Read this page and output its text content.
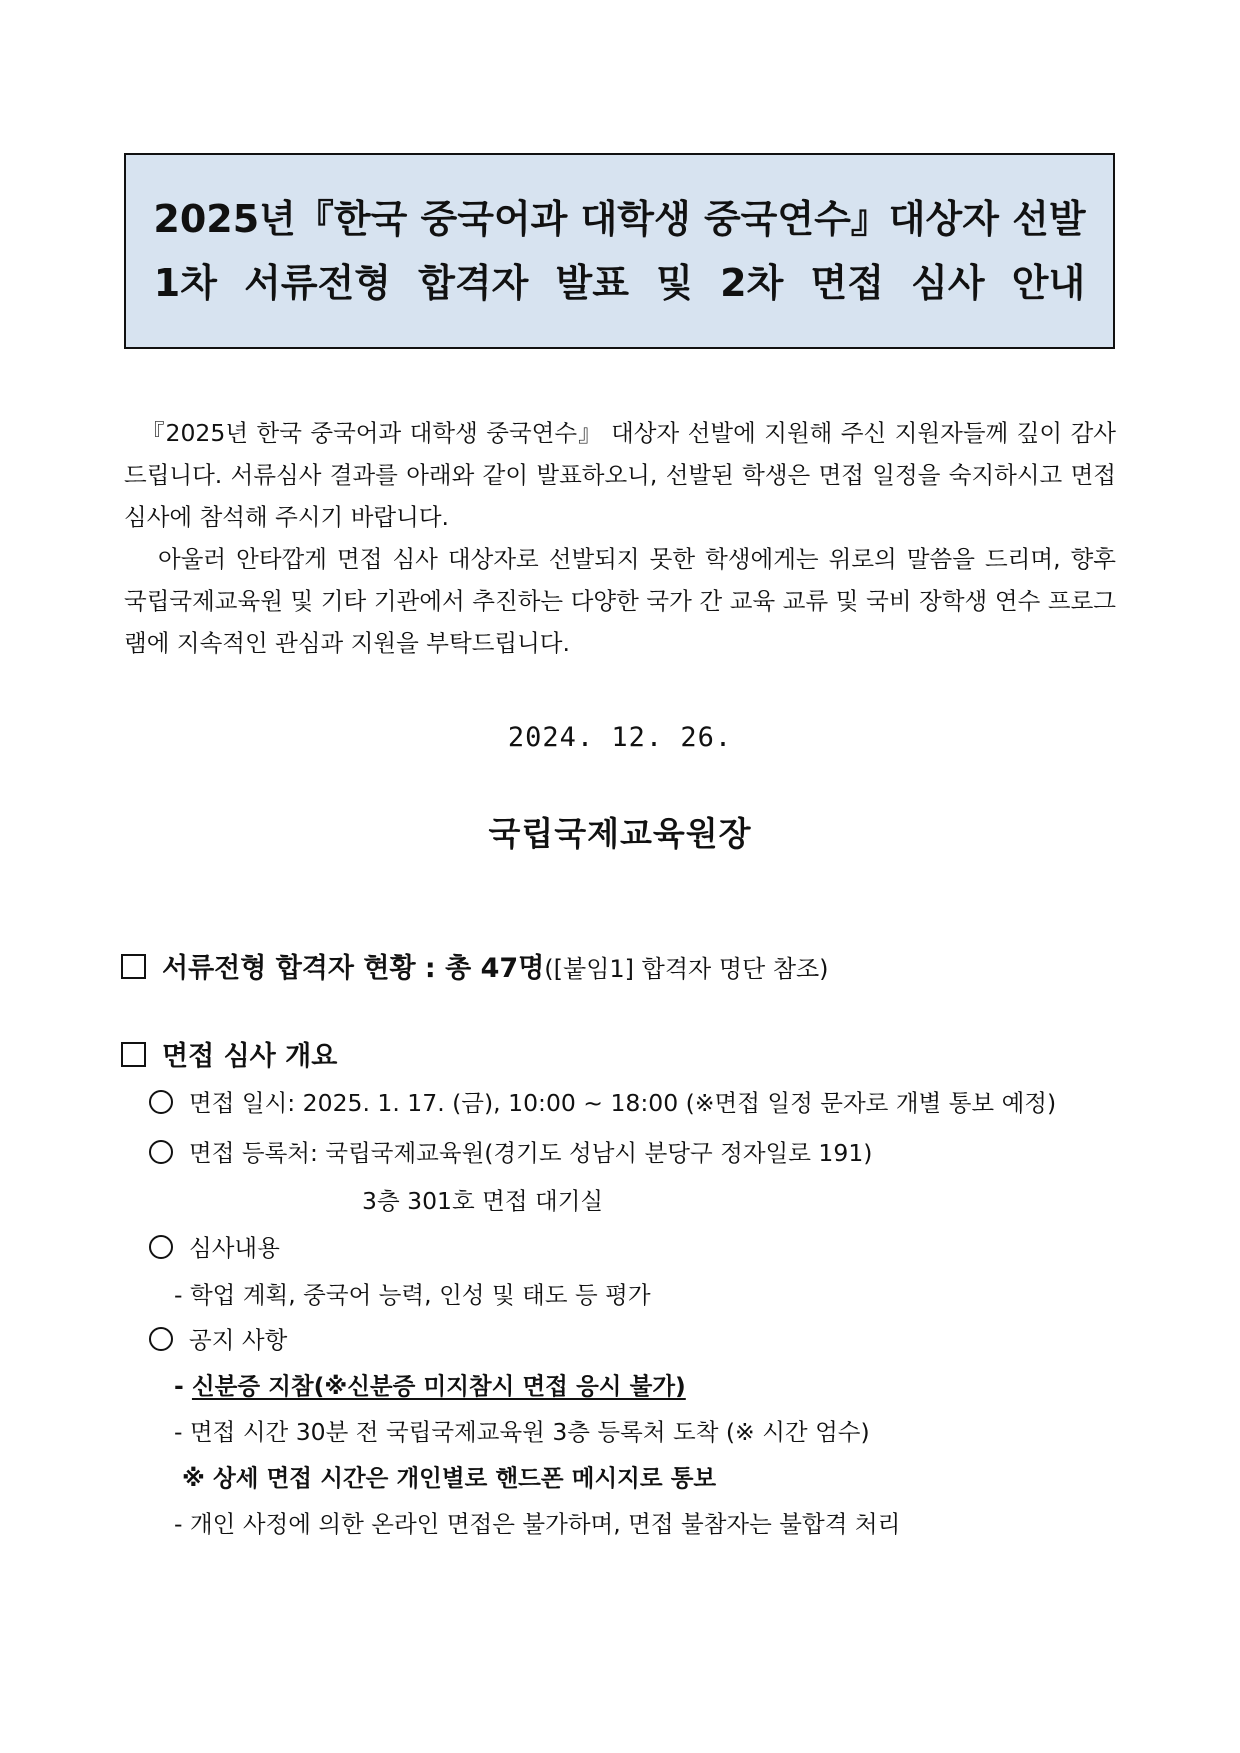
2025년『한국 중국어과 대학생 중국연수』대상자 선발
1차 서류전형 합격자 발표 및 2차 면접 심사 안내

『2025년 한국 중국어과 대학생 중국연수』 대상자 선발에 지원해 주신 지원자들께 깊이 감사드립니다. 서류심사 결과를 아래와 같이 발표하오니, 선발된 학생은 면접 일정을 숙지하시고 면접 심사에 참석해 주시기 바랍니다.

아울러 안타깝게 면접 심사 대상자로 선발되지 못한 학생에게는 위로의 말씀을 드리며, 향후 국립국제교육원 및 기타 기관에서 추진하는 다양한 국가 간 교육 교류 및 국비 장학생 연수 프로그램에 지속적인 관심과 지원을 부탁드립니다.

2024. 12. 26.
국립국제교육원장
서류전형 합격자 현황 : 총 47명([붙임1] 합격자 명단 참조)
면접 심사 개요
면접 일시: 2025. 1. 17. (금), 10:00 ~ 18:00 (※면접 일정 문자로 개별 통보 예정)
면접 등록처: 국립국제교육원(경기도 성남시 분당구 정자일로 191)
3층 301호 면접 대기실
심사내용
- 학업 계획, 중국어 능력, 인성 및 태도 등 평가
공지 사항
- 신분증 지참(※신분증 미지참시 면접 응시 불가)
- 면접 시간 30분 전 국립국제교육원 3층 등록처 도착 (※ 시간 엄수)
※ 상세 면접 시간은 개인별로 핸드폰 메시지로 통보
- 개인 사정에 의한 온라인 면접은 불가하며, 면접 불참자는 불합격 처리
